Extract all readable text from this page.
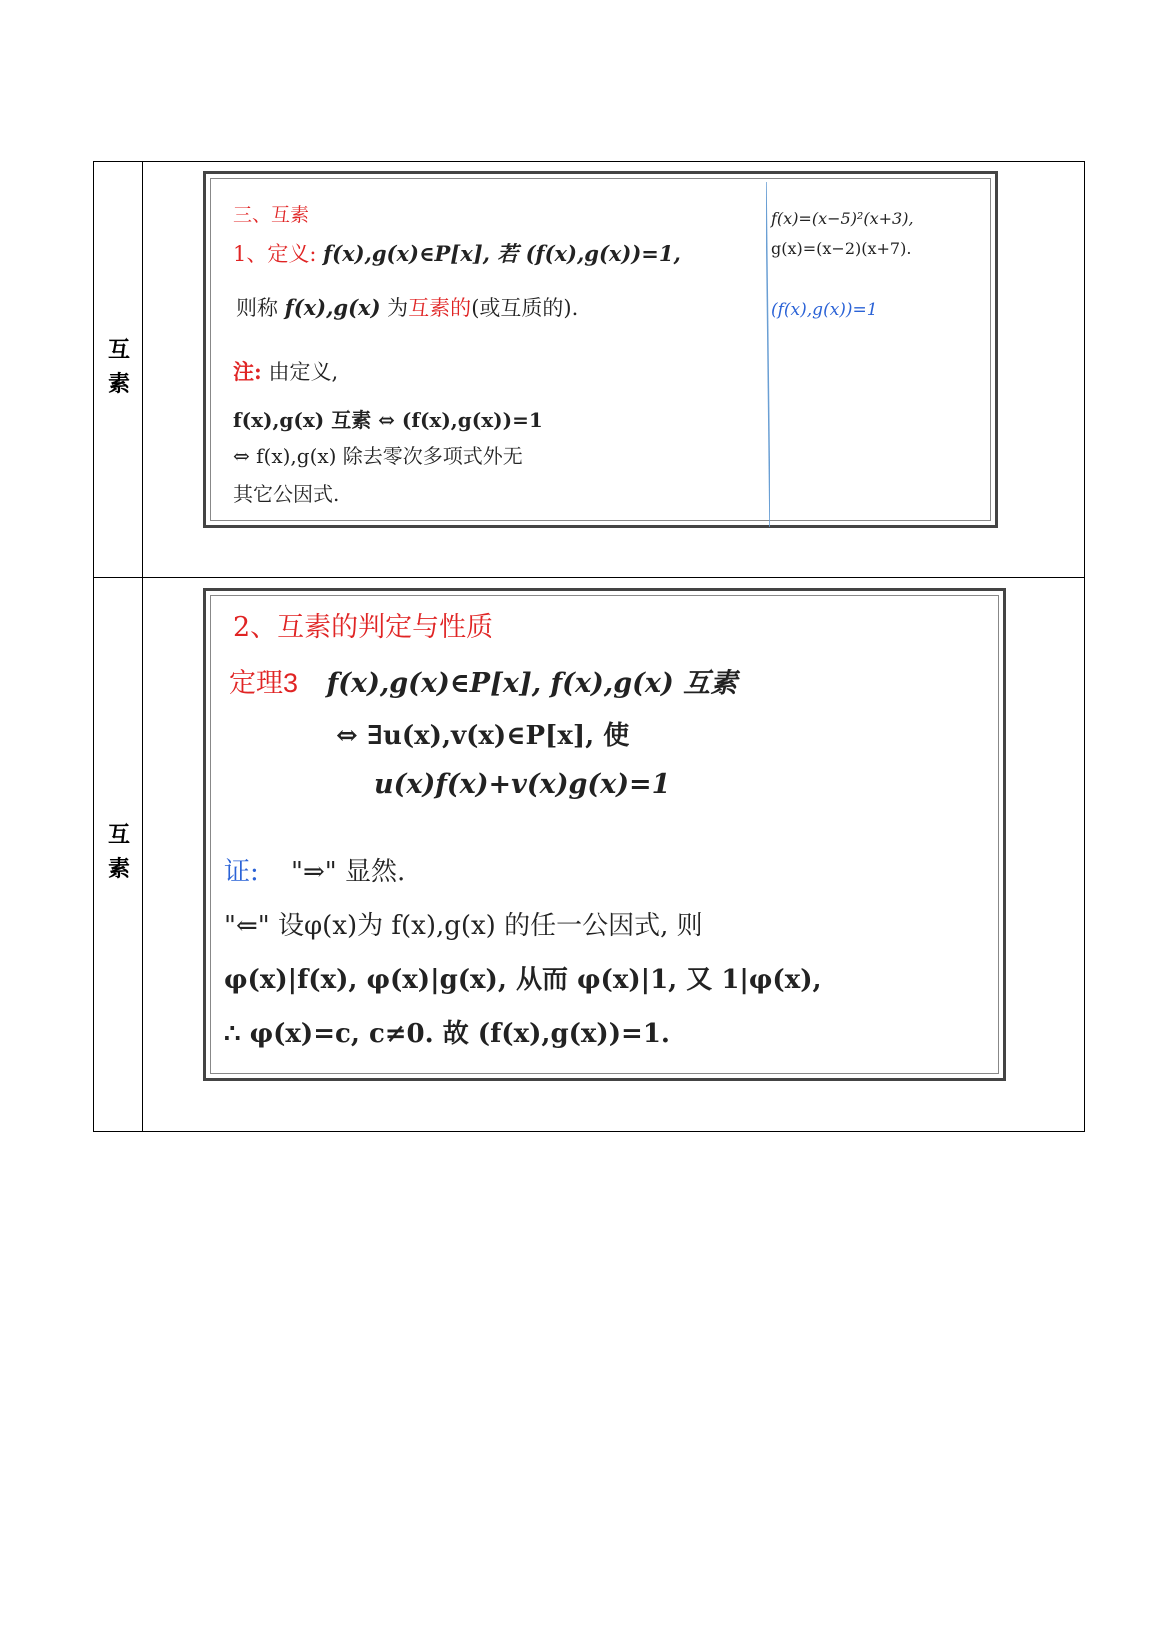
互素
三、互素
1、定义: f(x),g(x)∈P[x], 若 (f(x),g(x))=1,
则称 f(x),g(x) 为互素的(或互质的).
注: 由定义,
f(x),g(x) 互素 ⇔ (f(x),g(x))=1
⇔ f(x),g(x) 除去零次多项式外无
其它公因式.
f(x)=(x−5)²(x+3),
g(x)=(x−2)(x+7).
(f(x),g(x))=1
互素
2、互素的判定与性质
定理3 f(x),g(x)∈P[x], f(x),g(x) 互素
⇔ ∃u(x),v(x)∈P[x], 使
u(x)f(x)+v(x)g(x)=1
证: "⇒" 显然.
"⇐" 设φ(x)为 f(x),g(x) 的任一公因式, 则
φ(x)|f(x), φ(x)|g(x), 从而 φ(x)|1, 又 1|φ(x),
∴ φ(x)=c, c≠0. 故 (f(x),g(x))=1.
